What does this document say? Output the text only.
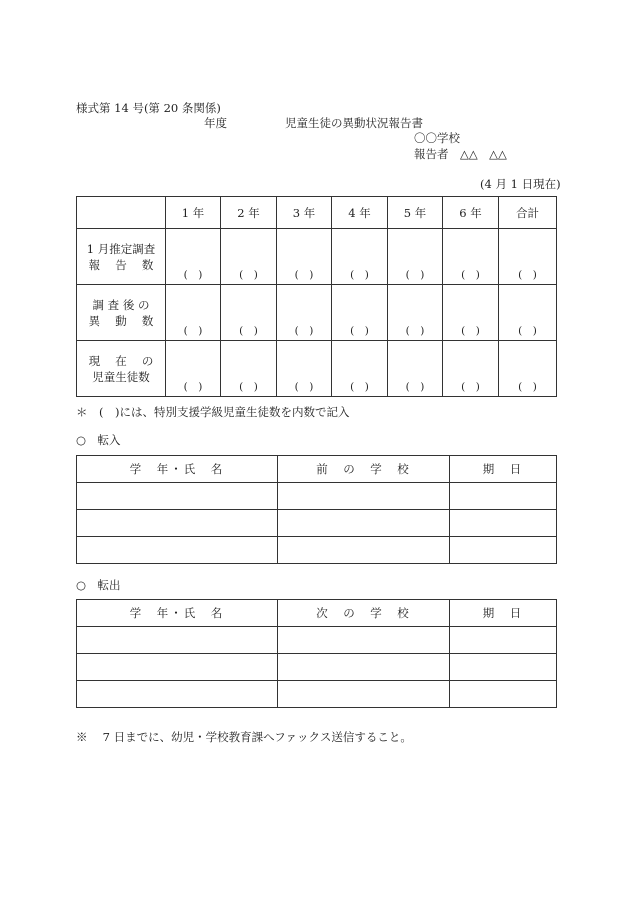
様式第 14 号(第 20 条関係)
年度	児童生徒の異動状況報告書
〇〇学校
報告者　△△　△△
(4 月 1 日現在)
	1 年	2 年	3 年	4 年	5 年	6 年	合計

1 月推定調査
報　 告 　数	(　)	(　)	(　)	(　)	(　)	(　)	(　)

調 査 後 の
異　 動 　数	(　)	(　)	(　)	(　)	(　)	(　)	(　)

現 　在 　の
児童生徒数	(　)	(　)	(　)	(　)	(　)	(　)	(　)
＊　(　)には、特別支援学級児童生徒数を内数で記入
○　転入
学　年・氏　名	前　の　学　校	期　日

○　転出
学　年・氏　名	次　の　学　校	期　日

※　 7 日までに、幼児・学校教育課へファックス送信すること。
